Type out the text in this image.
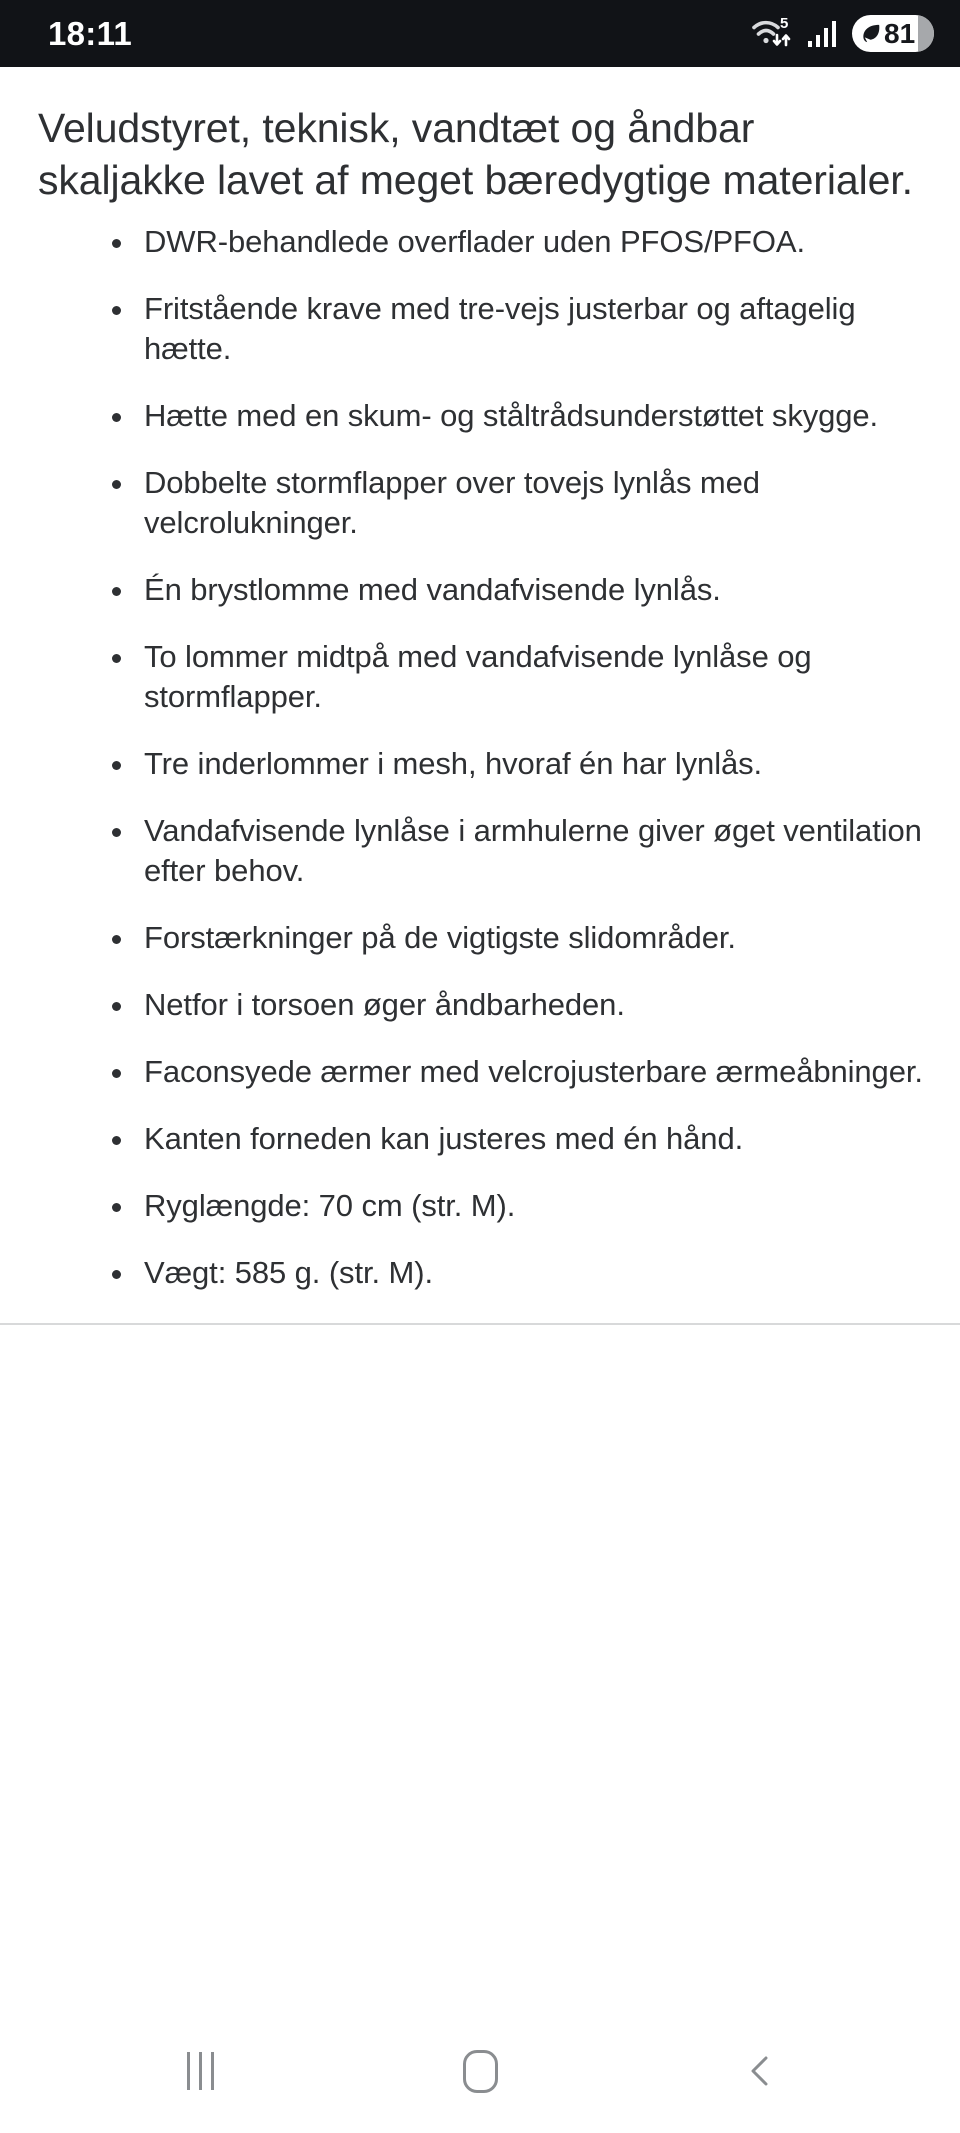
18:11	5	81
Veludstyret, teknisk, vandtæt og åndbar skaljakke lavet af meget bæredygtige materialer.
DWR-behandlede overflader uden PFOS/PFOA.
Fritstående krave med tre-vejs justerbar og aftagelig hætte.
Hætte med en skum- og ståltrådsunderstøttet skygge.
Dobbelte stormflapper over tovejs lynlås med velcrolukninger.
Én brystlomme med vandafvisende lynlås.
To lommer midtpå med vandafvisende lynlåse og stormflapper.
Tre inderlommer i mesh, hvoraf én har lynlås.
Vandafvisende lynlåse i armhulerne giver øget ventilation efter behov.
Forstærkninger på de vigtigste slidområder.
Netfor i torsoen øger åndbarheden.
Faconsyede ærmer med velcrojusterbare ærmeåbninger.
Kanten forneden kan justeres med én hånd.
Ryglængde: 70 cm (str. M).
Vægt: 585 g. (str. M).
